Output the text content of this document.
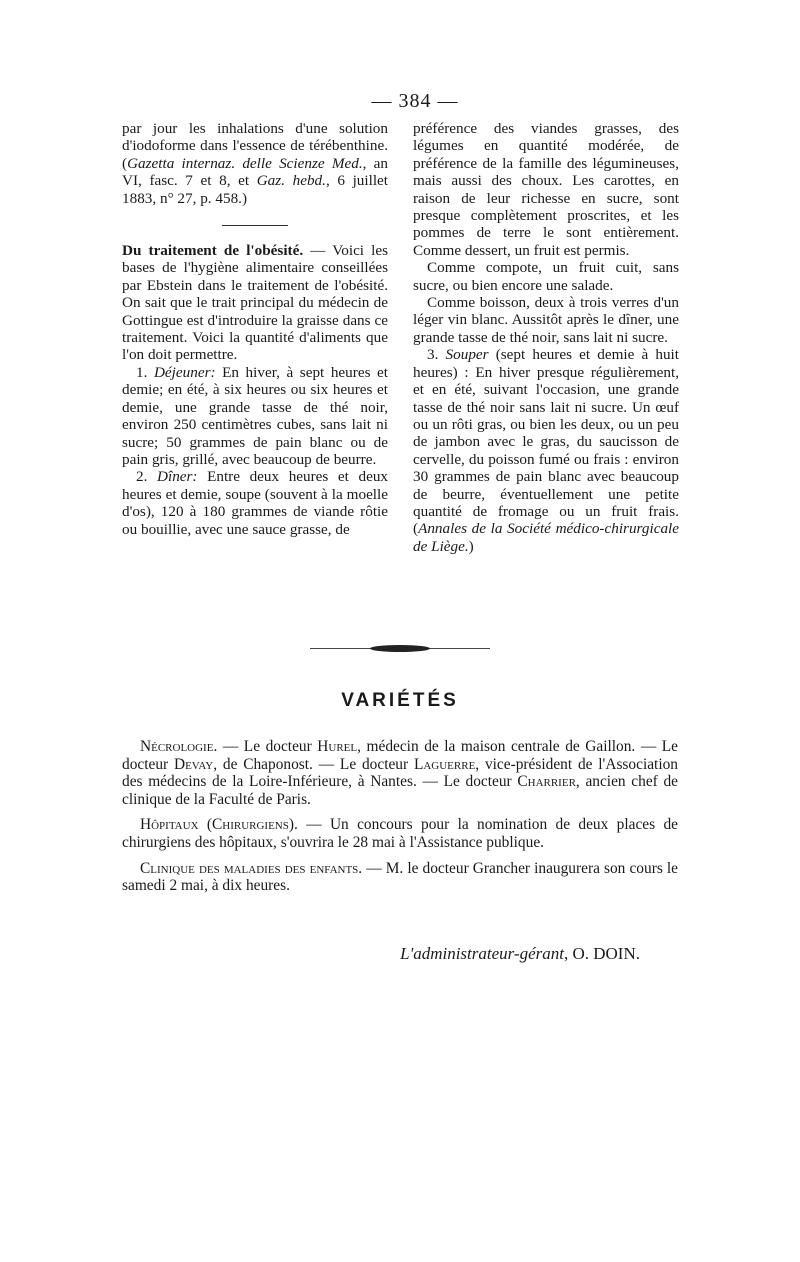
— 384 —

par jour les inhalations d'une solution d'iodoforme dans l'essence de térébenthine. (Gazetta internaz. delle Scienze Med., an VI, fasc. 7 et 8, et Gaz. hebd., 6 juillet 1883, n° 27, p. 458.)

Du traitement de l'obésité. — Voici les bases de l'hygiène alimentaire conseillées par Ebstein dans le traitement de l'obésité. On sait que le trait principal du médecin de Gottingue est d'introduire la graisse dans ce traitement. Voici la quantité d'aliments que l'on doit permettre.

1. Déjeuner: En hiver, à sept heures et demie; en été, à six heures ou six heures et demie, une grande tasse de thé noir, environ 250 centimètres cubes, sans lait ni sucre; 50 grammes de pain blanc ou de pain gris, grillé, avec beaucoup de beurre.

2. Dîner: Entre deux heures et deux heures et demie, soupe (souvent à la moelle d'os), 120 à 180 grammes de viande rôtie ou bouillie, avec une sauce grasse, de

préférence des viandes grasses, des légumes en quantité modérée, de préférence de la famille des légumineuses, mais aussi des choux. Les carottes, en raison de leur richesse en sucre, sont presque complètement proscrites, et les pommes de terre le sont entièrement. Comme dessert, un fruit est permis.

Comme compote, un fruit cuit, sans sucre, ou bien encore une salade.

Comme boisson, deux à trois verres d'un léger vin blanc. Aussitôt après le dîner, une grande tasse de thé noir, sans lait ni sucre.

3. Souper (sept heures et demie à huit heures) : En hiver presque régulièrement, et en été, suivant l'occasion, une grande tasse de thé noir sans lait ni sucre. Un œuf ou un rôti gras, ou bien les deux, ou un peu de jambon avec le gras, du saucisson de cervelle, du poisson fumé ou frais : environ 30 grammes de pain blanc avec beaucoup de beurre, éventuellement une petite quantité de fromage ou un fruit frais. (Annales de la Société médico-chirurgicale de Liège.)

VARIÉTÉS

Nécrologie. — Le docteur Hurel, médecin de la maison centrale de Gaillon. — Le docteur Devay, de Chaponost. — Le docteur Laguerre, vice-président de l'Association des médecins de la Loire-Inférieure, à Nantes. — Le docteur Charrier, ancien chef de clinique de la Faculté de Paris.

Hôpitaux (Chirurgiens). — Un concours pour la nomination de deux places de chirurgiens des hôpitaux, s'ouvrira le 28 mai à l'Assistance publique.

Clinique des maladies des enfants. — M. le docteur Grancher inaugurera son cours le samedi 2 mai, à dix heures.

L'administrateur-gérant, O. DOIN.
